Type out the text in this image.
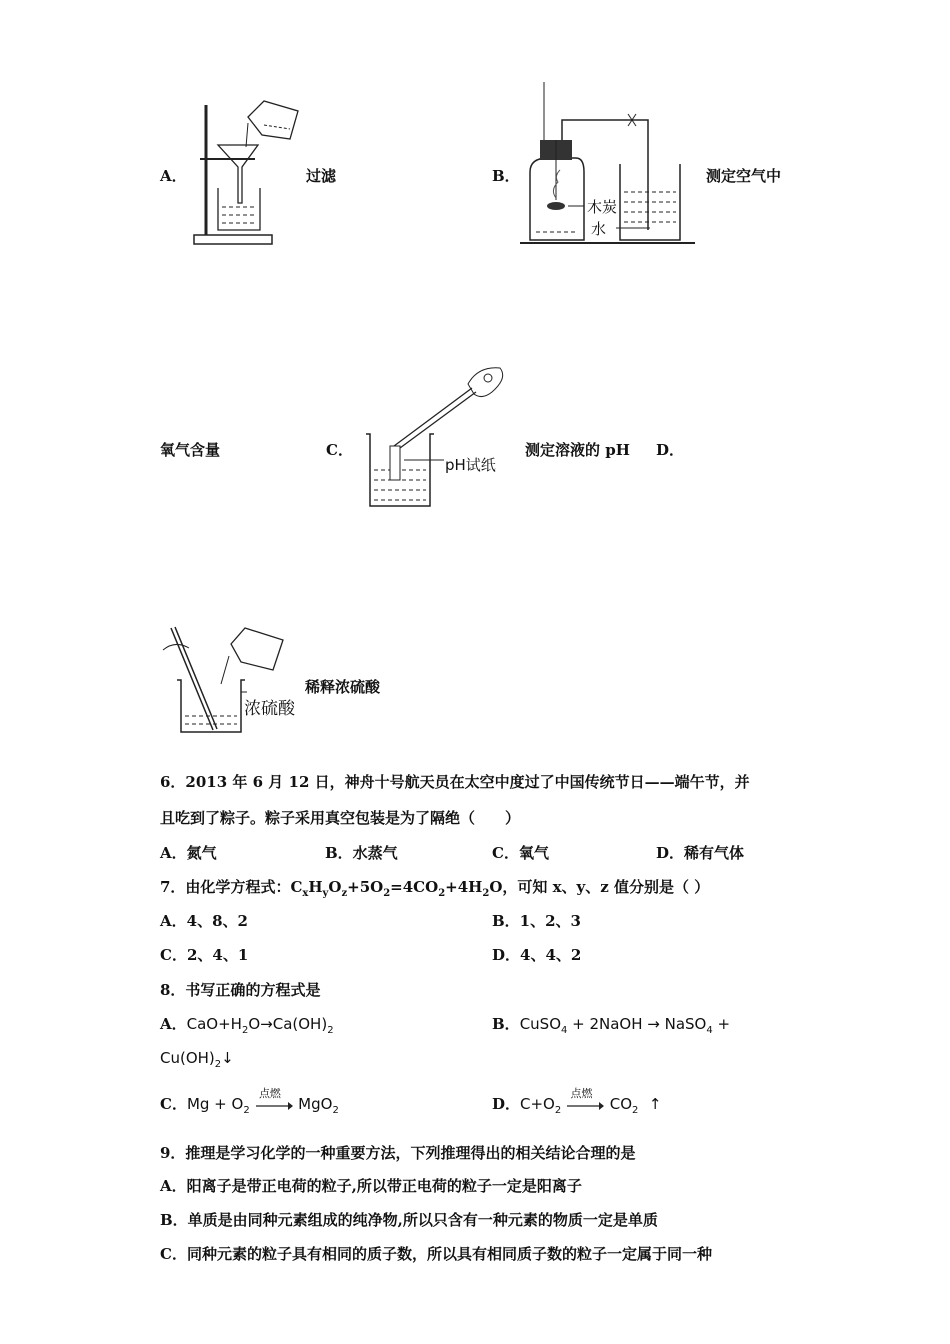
A．	过滤	B．
木炭
水
测定空气中
氧气含量	C．
pH试纸
测定溶液的 pH D．
浓硫酸
稀释浓硫酸
6．2013 年 6 月 12 日，神舟十号航天员在太空中度过了中国传统节日——端午节，并
且吃到了粽子。粽子采用真空包装是为了隔绝（　　）
A．氮气	B．水蒸气	C．氧气	D．稀有气体
7．由化学方程式：$C_xH_yO_z+5O_2=4CO_2+4H_2O$，可知 x、y、z 值分别是（ ）
A．4、8、2	B．1、2、3
C．2、4、1	D．4、4、2
8．书写正确的方程式是
A．$CaO+H_2O\to Ca(OH)_2$	B．CuSO$_4$ + 2NaOH → NaSO$_4$ +
$Cu(OH)_2↓$
C．$Mg + O_2$
点燃
MgO$_2$	D．$C+O_2$
点燃
$CO_2$ ↑
9．推理是学习化学的一种重要方法，下列推理得出的相关结论合理的是
A．阳离子是带正电荷的粒子,所以带正电荷的粒子一定是阳离子
B．单质是由同种元素组成的纯净物,所以只含有一种元素的物质一定是单质
C．同种元素的粒子具有相同的质子数，所以具有相同质子数的粒子一定属于同一种
